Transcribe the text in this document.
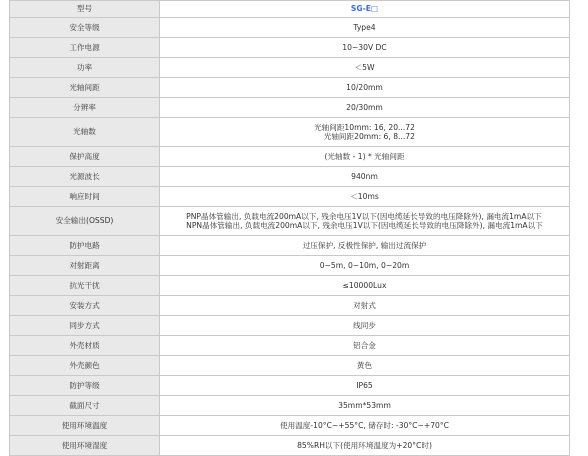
型号	SG-E□
安全等级	Type4
工作电源	10~30V DC
功率	＜5W
光轴间距	10/20mm
分辨率	20/30mm
光轴数	光轴间距10mm: 16, 20...72
光轴间距20mm: 6, 8...72

保护高度	(光轴数 - 1) * 光轴间距
光源波长	940nm
响应时间	＜10ms
安全输出(OSSD)	PNP晶体管输出, 负载电流200mA以下, 残余电压1V以下(因电缆延长导致的电压降除外), 漏电流1mA以下
NPN晶体管输出, 负载电流200mA以下, 残余电压1V以下(因电缆延长导致的电压降除外), 漏电流1mA以下

防护电路	过压保护, 反极性保护, 输出过流保护
对射距离	0~5m, 0~10m, 0~20m
抗光干扰	≤10000Lux
安装方式	对射式
同步方式	线同步
外壳材质	铝合金
外壳颜色	黄色
防护等级	IP65
截面尺寸	35mm*53mm
使用环境温度	使用温度-10°C~+55°C, 储存时: -30°C~+70°C
使用环境湿度	85%RH以下(使用环境温度为+20°C时)
